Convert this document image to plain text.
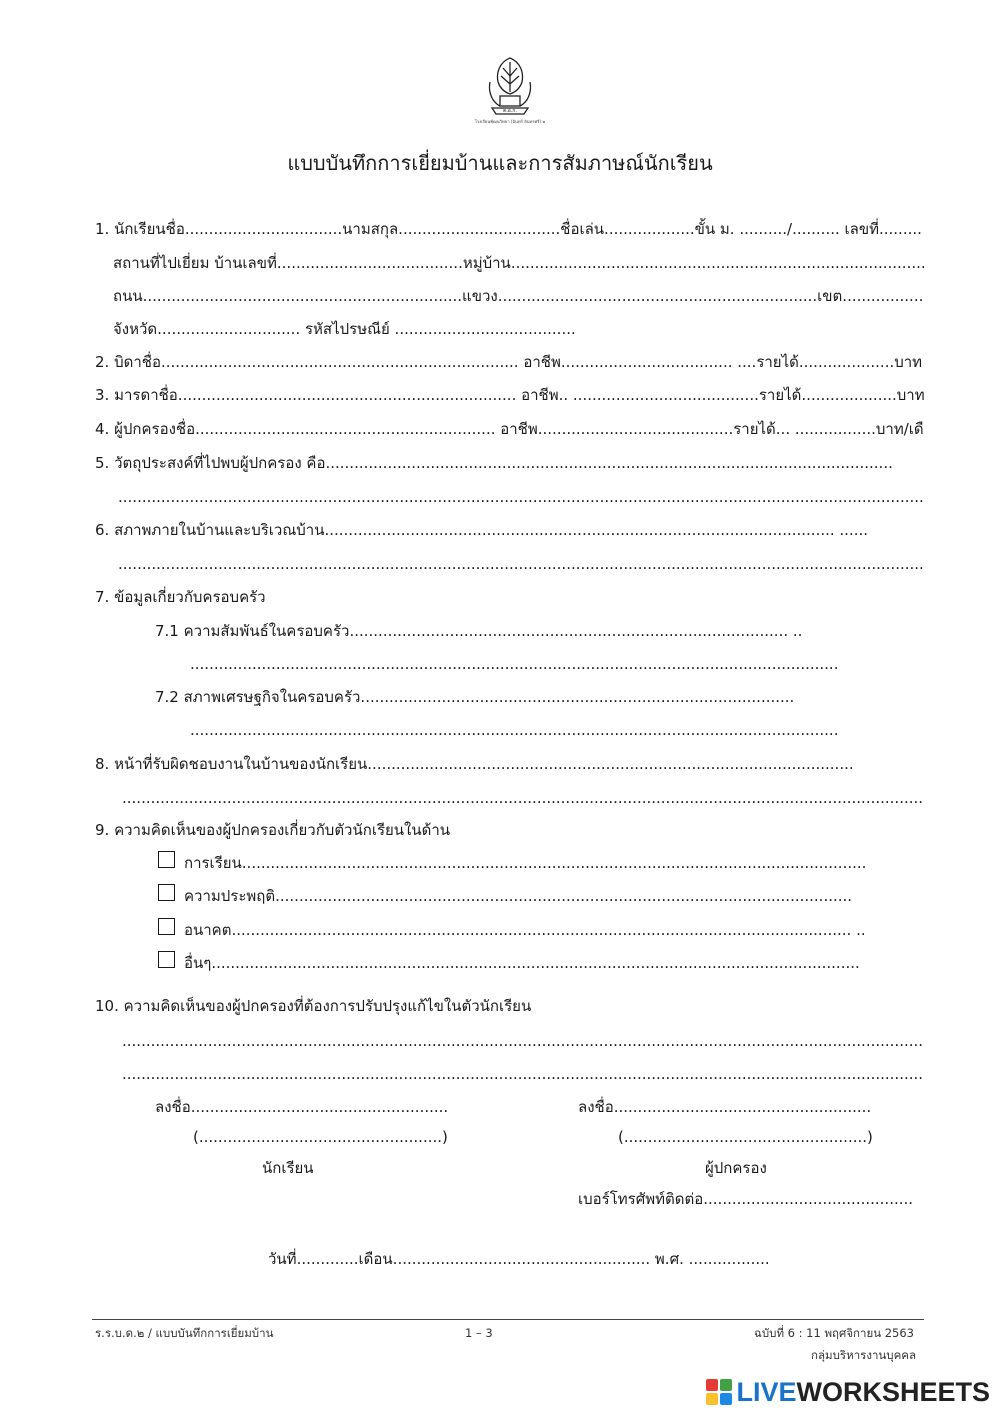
ต.อ.ก.
โรงเรียนพัฒนวิทยา (อินทร์ อินทรศรี) ๒
แบบบันทึกการเยี่ยมบ้านและการสัมภาษณ์นักเรียน
1. นักเรียนชื่อ.................................นามสกุล..................................ชื่อเล่น...................ขั้น ม. ........../.......... เลขที่.........
สถานที่ไปเยี่ยม บ้านเลขที่.......................................หมู่บ้าน.......................................................................................
ถนน...................................................................แขวง...................................................................เขต.................
จังหวัด.............................. รหัสไปรษณีย์ ......................................
2. บิดาชื่อ........................................................................... อาชีพ.................................... ....รายได้....................บาท
3. มารดาชื่อ....................................................................... อาชีพ.. .......................................รายได้....................บาท
4. ผู้ปกครองชื่อ............................................................... อาชีพ.........................................รายได้... .................บาท/เดื
5. วัตถุประสงค์ที่ไปพบผู้ปกครอง คือ.......................................................................................................................
.........................................................................................................................................................................
6. สภาพภายในบ้านและบริเวณบ้าน........................................................................................................... ......
.........................................................................................................................................................................
7. ข้อมูลเกี่ยวกับครอบครัว
7.1 ความสัมพันธ์ในครอบครัว............................................................................................ ..
........................................................................................................................................
7.2 สภาพเศรษฐกิจในครอบครัว...........................................................................................
........................................................................................................................................
8. หน้าที่รับผิดชอบงานในบ้านของนักเรียน......................................................................................................
........................................................................................................................................................................
9. ความคิดเห็นของผู้ปกครองเกี่ยวกับตัวนักเรียนในด้าน
การเรียน...................................................................................................................................
ความประพฤติ.........................................................................................................................
อนาคต.................................................................................................................................. ..
อื่นๆ........................................................................................................................................
10. ความคิดเห็นของผู้ปกครองที่ต้องการปรับปรุงแก้ไขในตัวนักเรียน
........................................................................................................................................................................
........................................................................................................................................................................
ลงชื่อ......................................................	ลงชื่อ......................................................
(...................................................)	(...................................................)
นักเรียน	ผู้ปกครอง
เบอร์โทรศัพท์ติดต่อ............................................
วันที่.............เดือน...................................................... พ.ศ. .................
ร.ร.บ.ด.๒ / แบบบันทึกการเยี่ยมบ้าน	1 – 3	ฉบับที่ 6 : 11 พฤศจิกายน 2563
กลุ่มบริหารงานบุคคล
LIVEWORKSHEETS
